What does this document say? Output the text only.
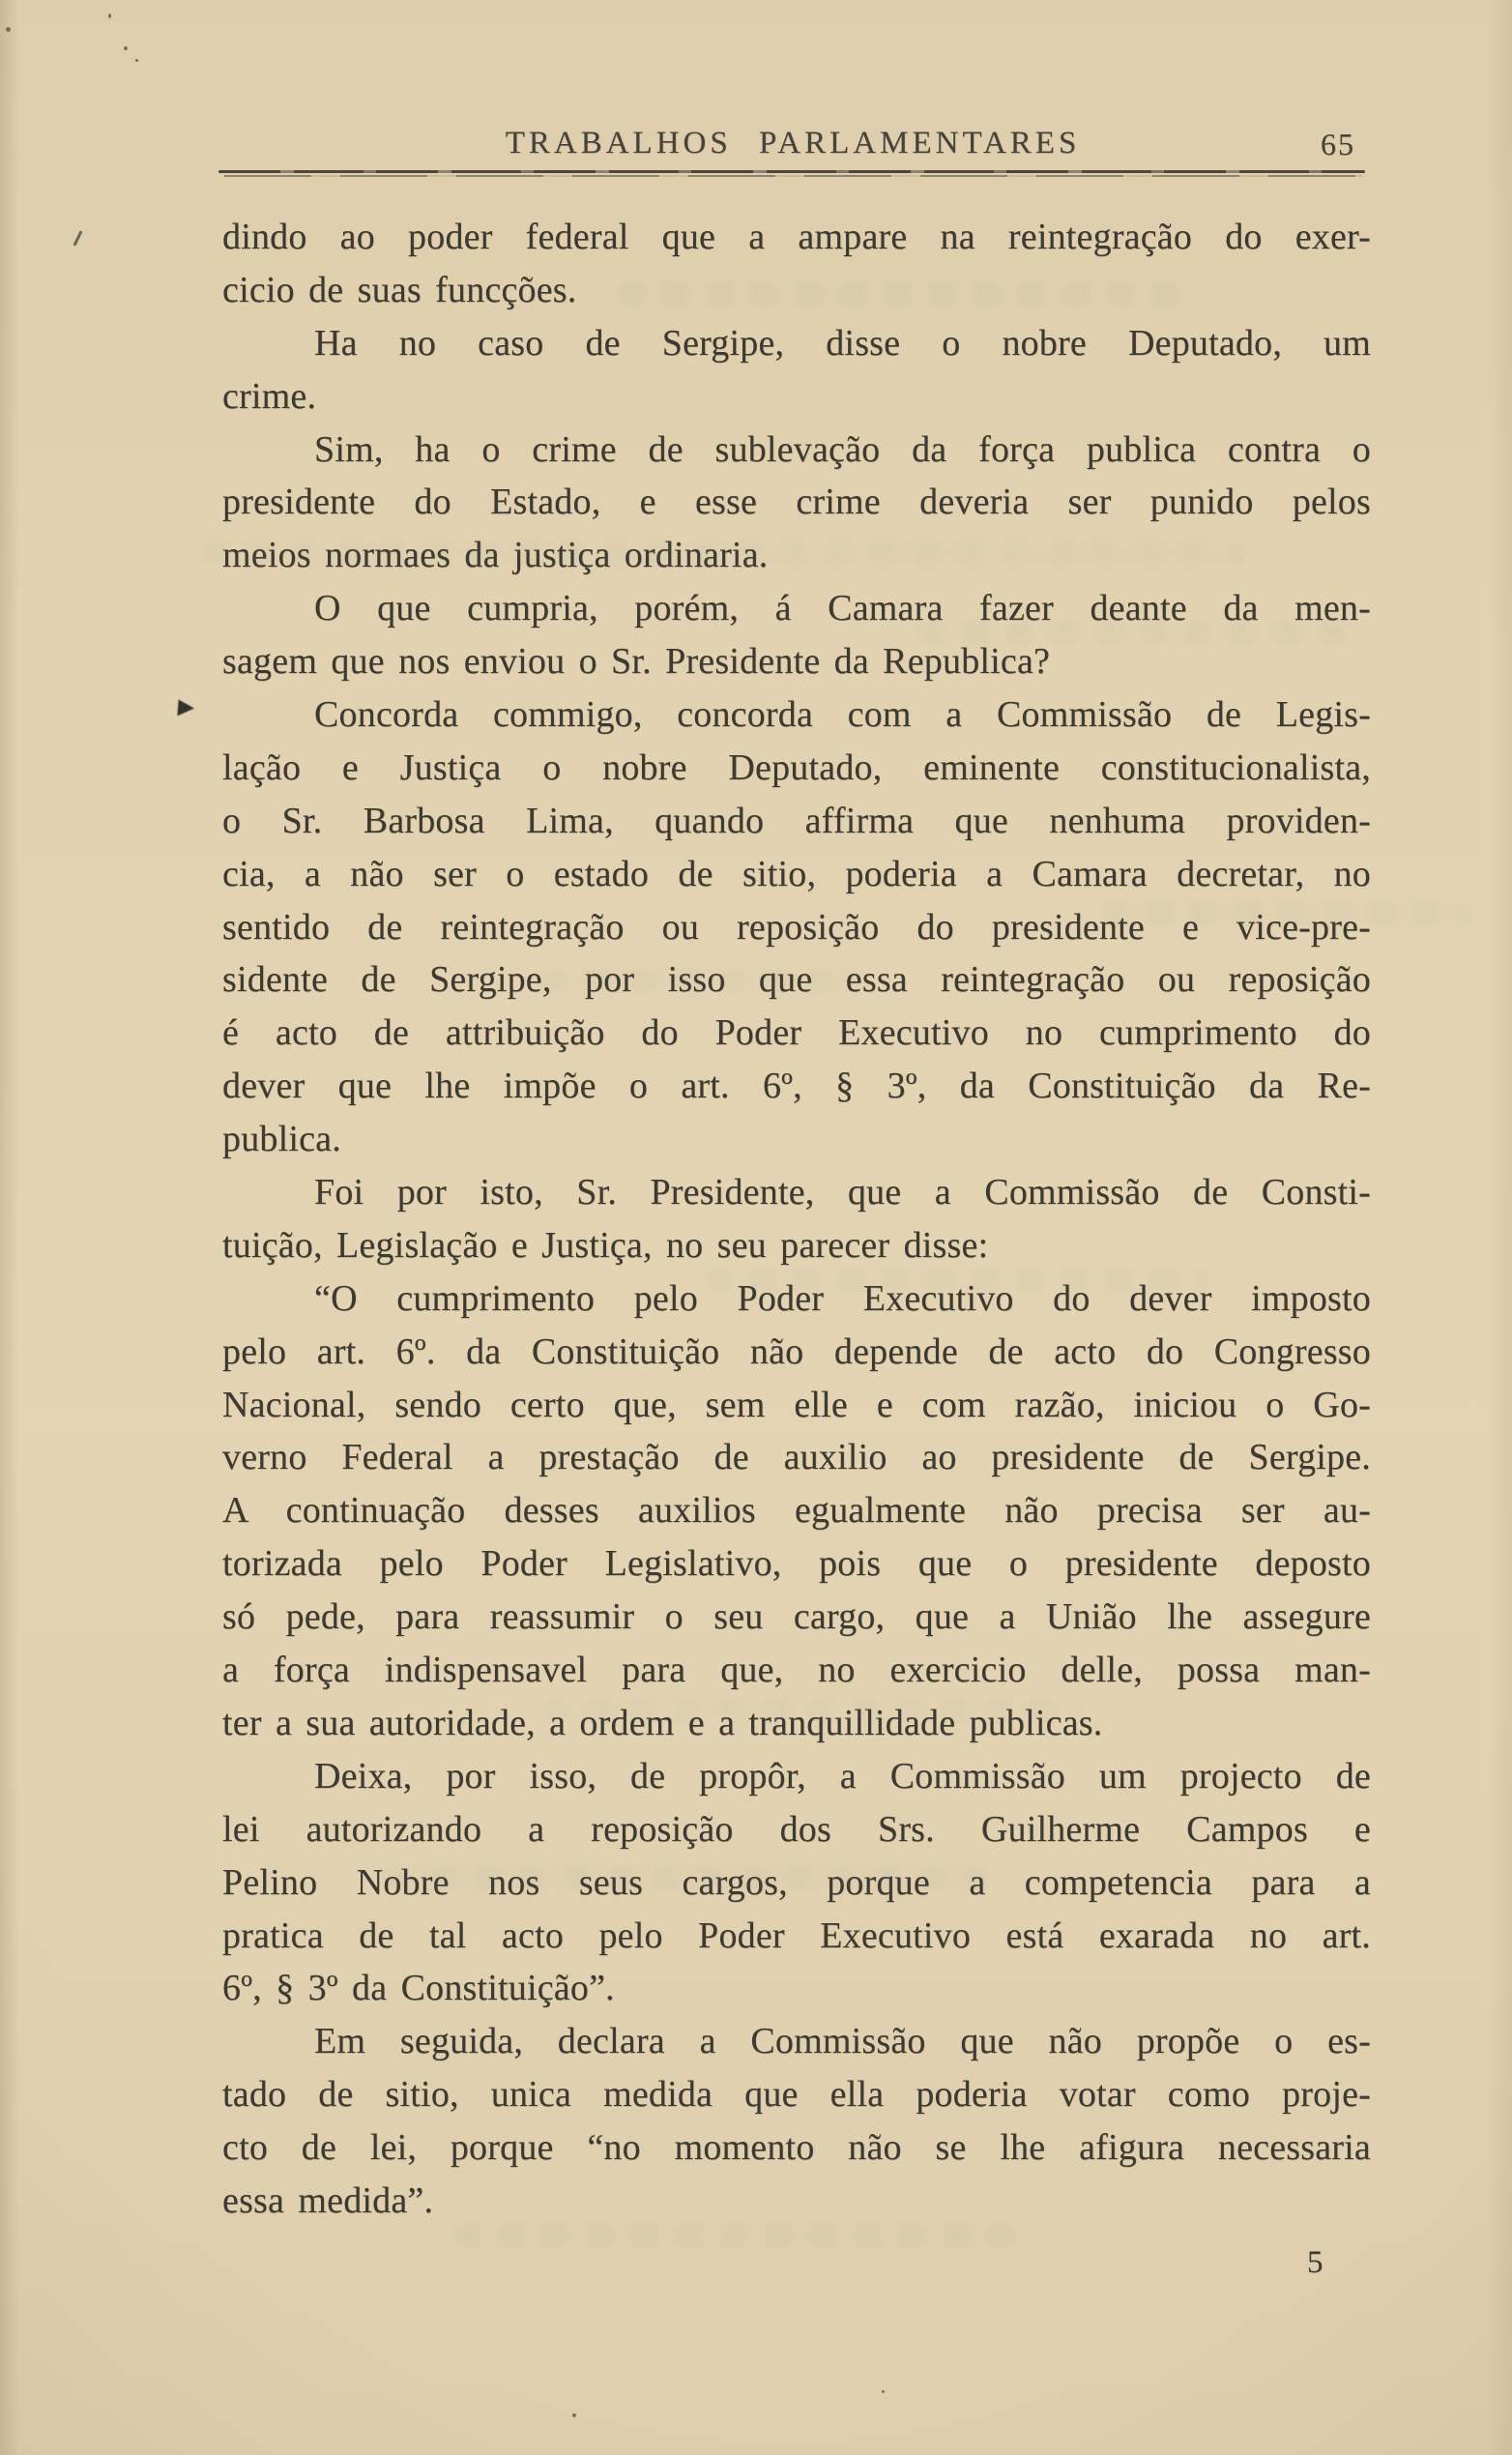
TRABALHOS PARLAMENTARES	65
dindo ao poder federal que a ampare na reintegração do exer-
cicio de suas funcções.
Ha no caso de Sergipe, disse o nobre Deputado, um
crime.
Sim, ha o crime de sublevação da força publica contra o
presidente do Estado, e esse crime deveria ser punido pelos
meios normaes da justiça ordinaria.
O que cumpria, porém, á Camara fazer deante da men-
sagem que nos enviou o Sr. Presidente da Republica?
Concorda commigo, concorda com a Commissão de Legis-
lação e Justiça o nobre Deputado, eminente constitucionalista,
o Sr. Barbosa Lima, quando affirma que nenhuma providen-
cia, a não ser o estado de sitio, poderia a Camara decretar, no
sentido de reintegração ou reposição do presidente e vice-pre-
sidente de Sergipe, por isso que essa reintegração ou reposição
é acto de attribuição do Poder Executivo no cumprimento do
dever que lhe impõe o art. 6º, § 3º, da Constituição da Re-
publica.
Foi por isto, Sr. Presidente, que a Commissão de Consti-
tuição, Legislação e Justiça, no seu parecer disse:
“O cumprimento pelo Poder Executivo do dever imposto
pelo art. 6º. da Constituição não depende de acto do Congresso
Nacional, sendo certo que, sem elle e com razão, iniciou o Go-
verno Federal a prestação de auxilio ao presidente de Sergipe.
A continuação desses auxilios egualmente não precisa ser au-
torizada pelo Poder Legislativo, pois que o presidente deposto
só pede, para reassumir o seu cargo, que a União lhe assegure
a força indispensavel para que, no exercicio delle, possa man-
ter a sua autoridade, a ordem e a tranquillidade publicas.
Deixa, por isso, de propôr, a Commissão um projecto de
lei autorizando a reposição dos Srs. Guilherme Campos e
Pelino Nobre nos seus cargos, porque a competencia para a
pratica de tal acto pelo Poder Executivo está exarada no art.
6º, § 3º da Constituição”.
Em seguida, declara a Commissão que não propõe o es-
tado de sitio, unica medida que ella poderia votar como proje-
cto de lei, porque “no momento não se lhe afigura necessaria
essa medida”.
5
